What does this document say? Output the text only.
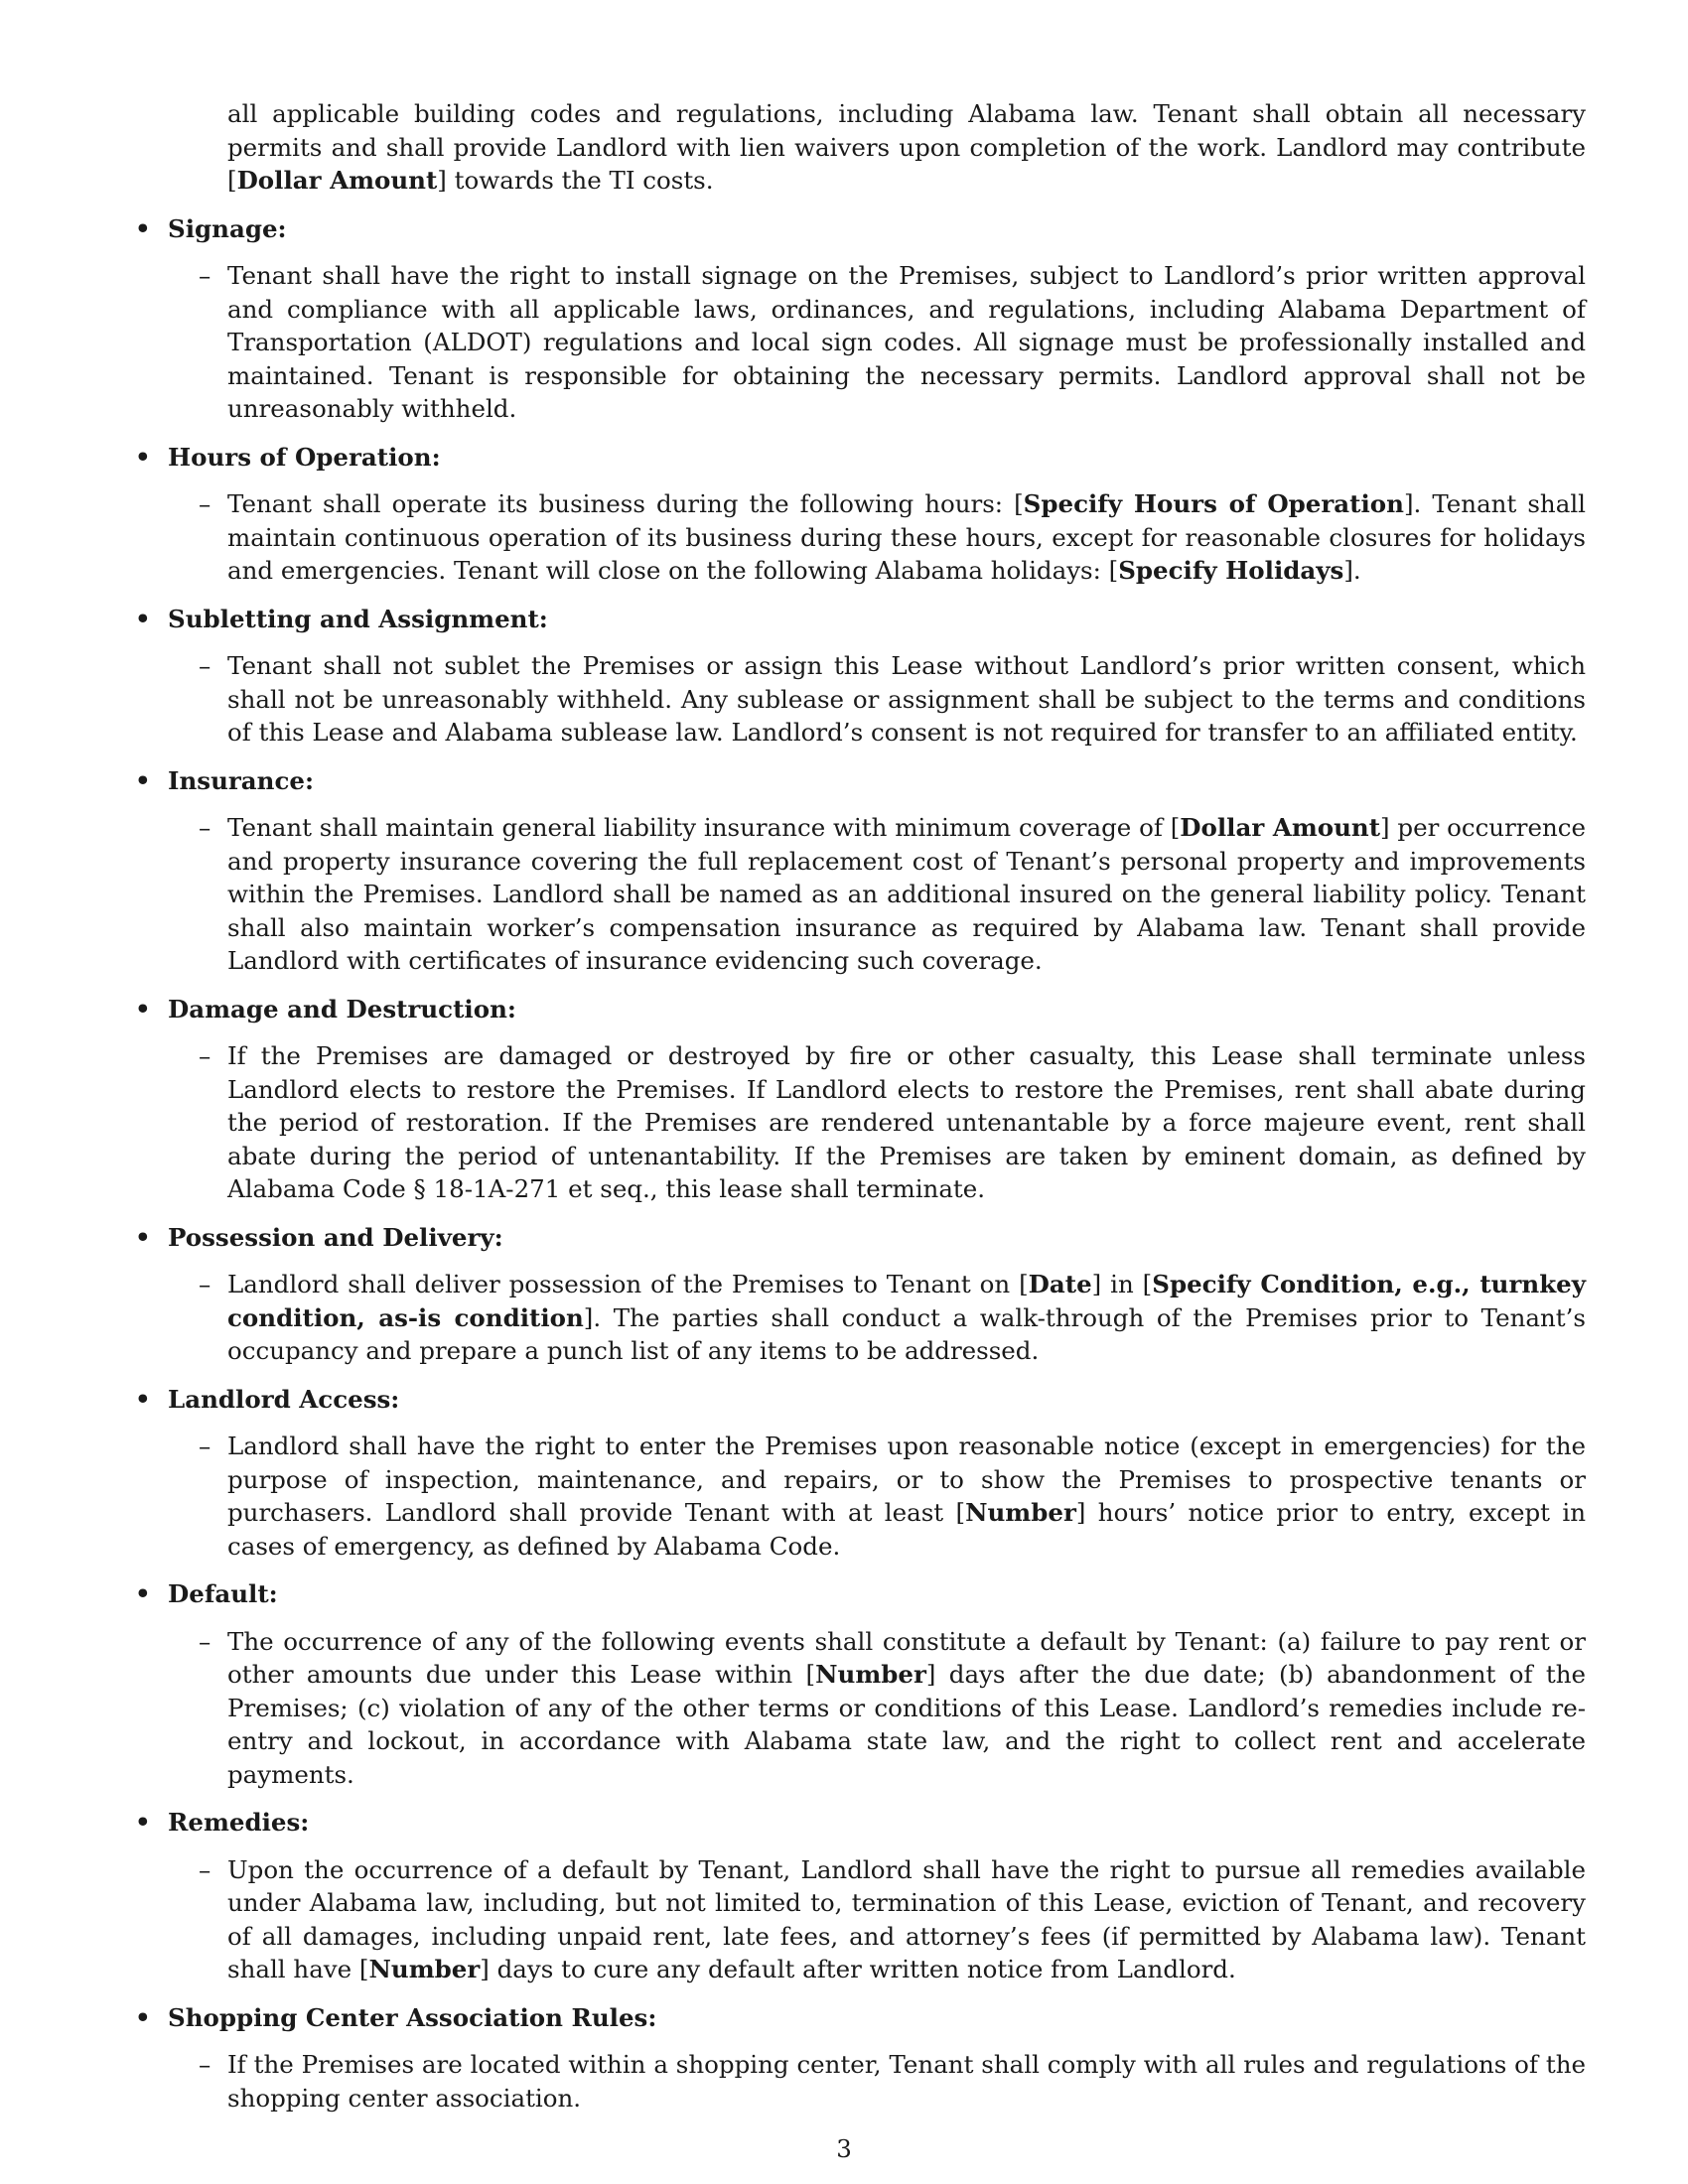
all applicable building codes and regulations, including Alabama law. Tenant shall obtain all necessary permits and shall provide Landlord with lien waivers upon completion of the work. Landlord may contribute [Dollar Amount] towards the TI costs.
• Signage:
– Tenant shall have the right to install signage on the Premises, subject to Landlord’s prior written approval and compliance with all applicable laws, ordinances, and regulations, including Alabama Department of Transportation (ALDOT) regulations and local sign codes. All signage must be professionally installed and maintained. Tenant is responsible for obtaining the necessary permits. Landlord approval shall not be unreasonably withheld.
• Hours of Operation:
– Tenant shall operate its business during the following hours: [Specify Hours of Operation]. Tenant shall maintain continuous operation of its business during these hours, except for reasonable closures for holidays and emergencies. Tenant will close on the following Alabama holidays: [Specify Holidays].
• Subletting and Assignment:
– Tenant shall not sublet the Premises or assign this Lease without Landlord’s prior written consent, which shall not be unreasonably withheld. Any sublease or assignment shall be subject to the terms and conditions of this Lease and Alabama sublease law. Landlord’s consent is not required for transfer to an affiliated entity.
• Insurance:
– Tenant shall maintain general liability insurance with minimum coverage of [Dollar Amount] per occurrence and property insurance covering the full replacement cost of Tenant’s personal property and improvements within the Premises. Landlord shall be named as an additional insured on the general liability policy. Tenant shall also maintain worker’s compensation insurance as required by Alabama law. Tenant shall provide Landlord with certificates of insurance evidencing such coverage.
• Damage and Destruction:
– If the Premises are damaged or destroyed by fire or other casualty, this Lease shall terminate unless Landlord elects to restore the Premises. If Landlord elects to restore the Premises, rent shall abate during the period of restoration. If the Premises are rendered untenantable by a force majeure event, rent shall abate during the period of untenantability. If the Premises are taken by eminent domain, as defined by Alabama Code § 18-1A-271 et seq., this lease shall terminate.
• Possession and Delivery:
– Landlord shall deliver possession of the Premises to Tenant on [Date] in [Specify Condition, e.g., turnkey condition, as-is condition]. The parties shall conduct a walk-through of the Premises prior to Tenant’s occupancy and prepare a punch list of any items to be addressed.
• Landlord Access:
– Landlord shall have the right to enter the Premises upon reasonable notice (except in emergencies) for the purpose of inspection, maintenance, and repairs, or to show the Premises to prospective tenants or purchasers. Landlord shall provide Tenant with at least [Number] hours’ notice prior to entry, except in cases of emergency, as defined by Alabama Code.
• Default:
– The occurrence of any of the following events shall constitute a default by Tenant: (a) failure to pay rent or other amounts due under this Lease within [Number] days after the due date; (b) abandonment of the Premises; (c) violation of any of the other terms or conditions of this Lease. Landlord’s remedies include re-entry and lockout, in accordance with Alabama state law, and the right to collect rent and accelerate payments.
• Remedies:
– Upon the occurrence of a default by Tenant, Landlord shall have the right to pursue all remedies available under Alabama law, including, but not limited to, termination of this Lease, eviction of Tenant, and recovery of all damages, including unpaid rent, late fees, and attorney’s fees (if permitted by Alabama law). Tenant shall have [Number] days to cure any default after written notice from Landlord.
• Shopping Center Association Rules:
– If the Premises are located within a shopping center, Tenant shall comply with all rules and regulations of the shopping center association.
3
